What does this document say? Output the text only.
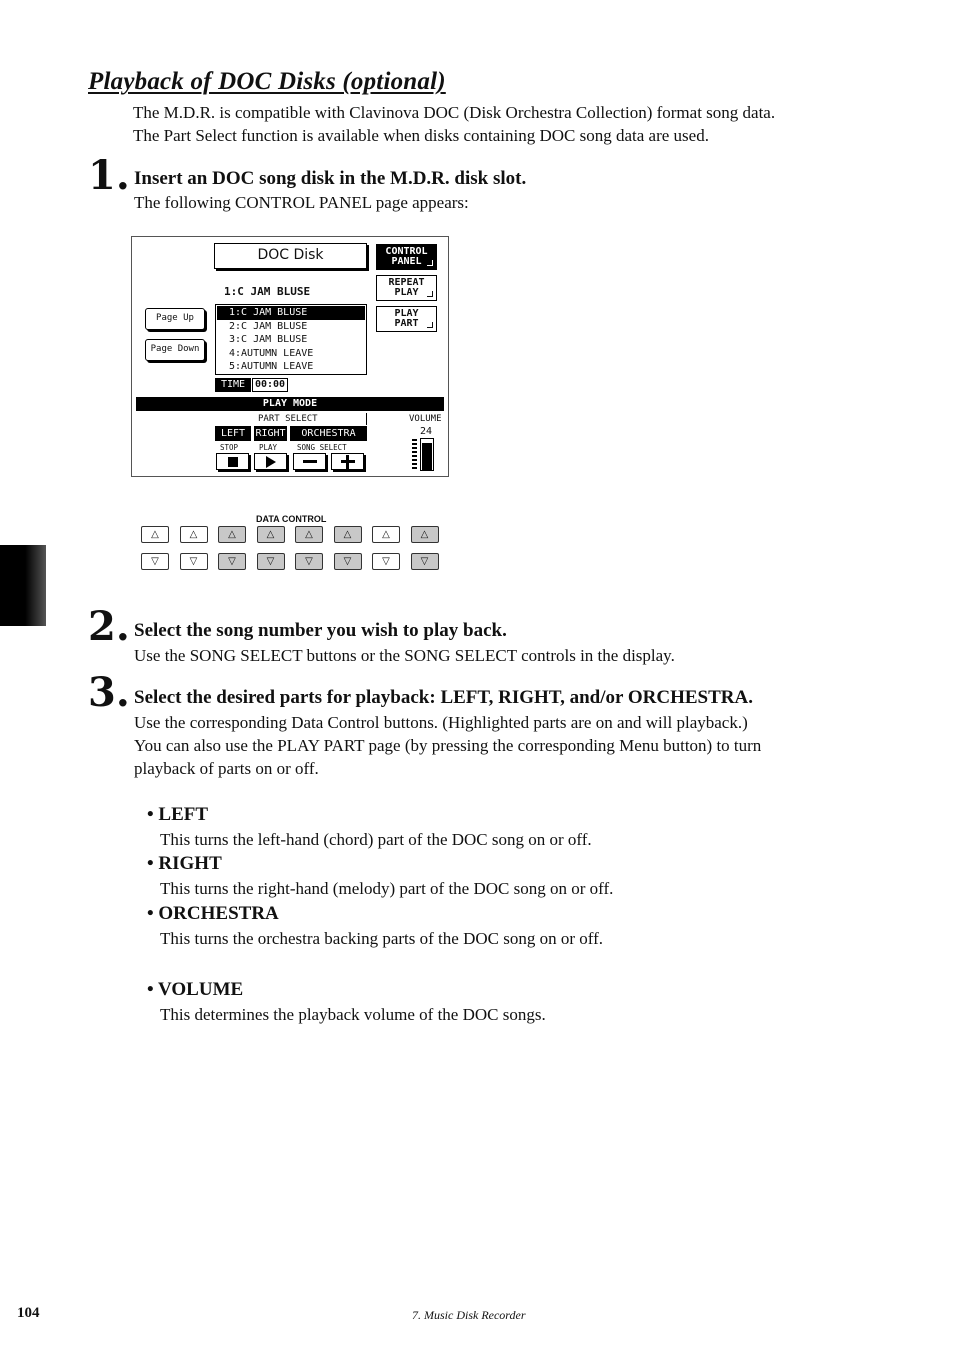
Playback of DOC Disks (optional)
The M.D.R. is compatible with Clavinova DOC (Disk Orchestra Collection) format song data.
The Part Select function is available when disks containing DOC song data are used.
1. Insert an DOC song disk in the M.D.R. disk slot.
The following CONTROL PANEL page appears:
DOC Disk	CONTROL
PANEL
REPEAT
PLAY
PLAY
PART
1:C JAM BLUSE
Page Up
Page Down
1:C JAM BLUSE
2:C JAM BLUSE
3:C JAM BLUSE
4:AUTUMN LEAVE
5:AUTUMN LEAVE
TIME 00:00
PLAY MODE
PART SELECT
LEFT	RIGHT	ORCHESTRA
VOLUME
24
STOP	PLAY	SONG SELECT
DATA CONTROL
△	△	△	△	△	△	△	△
▽	▽	▽	▽	▽	▽	▽	▽
2. Select the song number you wish to play back.
Use the SONG SELECT buttons or the SONG SELECT controls in the display.
3. Select the desired parts for playback: LEFT, RIGHT, and/or ORCHESTRA.
Use the corresponding Data Control buttons. (Highlighted parts are on and will playback.)
You can also use the PLAY PART page (by pressing the corresponding Menu button) to turn
playback of parts on or off.
• LEFT
This turns the left-hand (chord) part of the DOC song on or off.
• RIGHT
This turns the right-hand (melody) part of the DOC song on or off.
• ORCHESTRA
This turns the orchestra backing parts of the DOC song on or off.
• VOLUME
This determines the playback volume of the DOC songs.
104	7. Music Disk Recorder
